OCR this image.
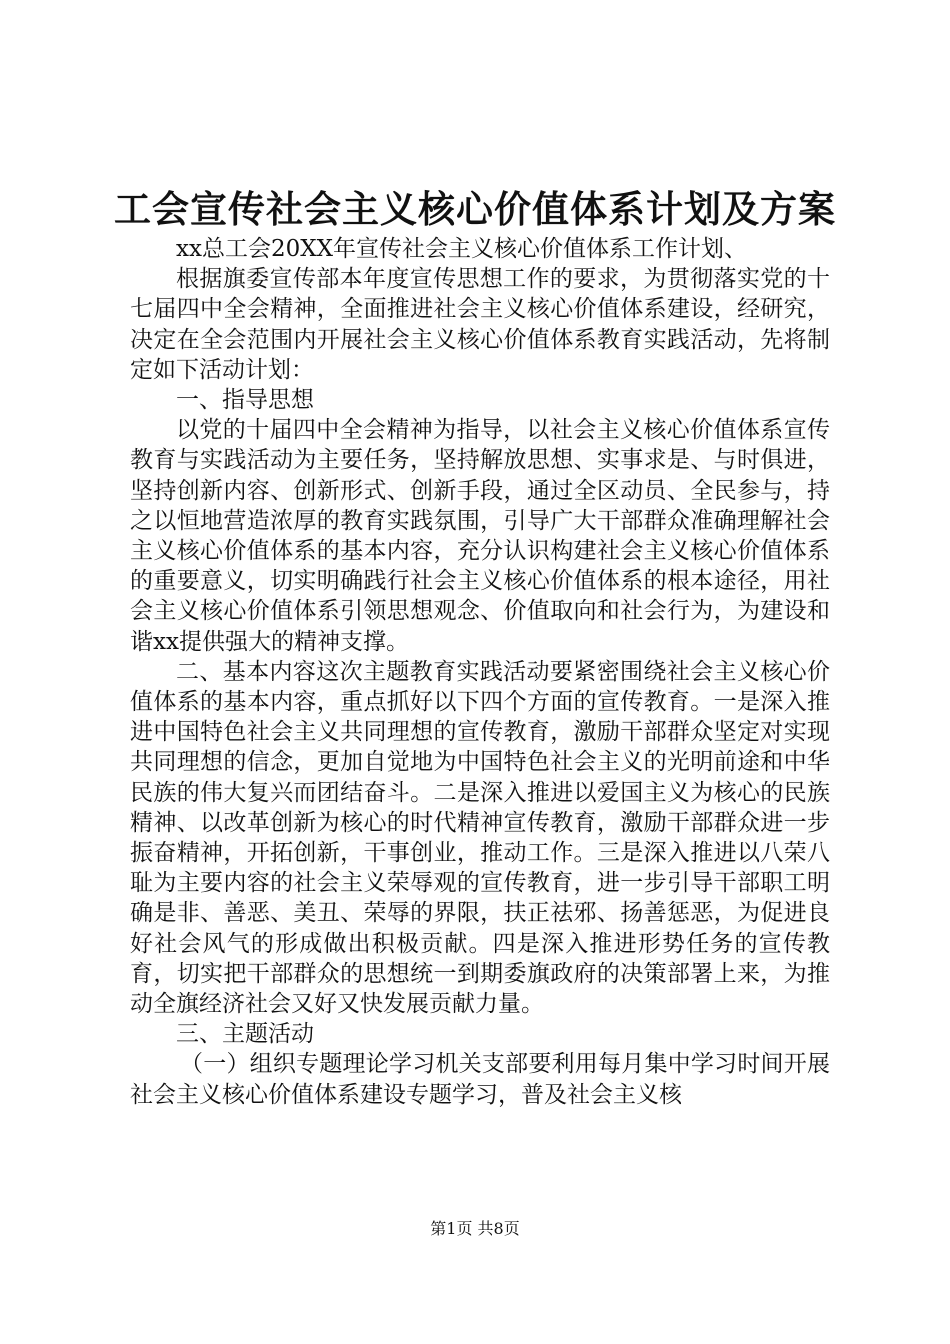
工会宣传社会主义核心价值体系计划及方案

xx总工会20XX年宣传社会主义核心价值体系工作计划、

根据旗委宣传部本年度宣传思想工作的要求，为贯彻落实党的十七届四中全会精神，全面推进社会主义核心价值体系建设，经研究，决定在全会范围内开展社会主义核心价值体系教育实践活动，先将制定如下活动计划：

一、指导思想

以党的十届四中全会精神为指导，以社会主义核心价值体系宣传教育与实践活动为主要任务，坚持解放思想、实事求是、与时俱进，坚持创新内容、创新形式、创新手段，通过全区动员、全民参与，持之以恒地营造浓厚的教育实践氛围，引导广大干部群众准确理解社会主义核心价值体系的基本内容，充分认识构建社会主义核心价值体系的重要意义，切实明确践行社会主义核心价值体系的根本途径，用社会主义核心价值体系引领思想观念、价值取向和社会行为，为建设和谐xx提供强大的精神支撑。

二、基本内容这次主题教育实践活动要紧密围绕社会主义核心价值体系的基本内容，重点抓好以下四个方面的宣传教育。一是深入推进中国特色社会主义共同理想的宣传教育，激励干部群众坚定对实现共同理想的信念，更加自觉地为中国特色社会主义的光明前途和中华民族的伟大复兴而团结奋斗。二是深入推进以爱国主义为核心的民族精神、以改革创新为核心的时代精神宣传教育，激励干部群众进一步振奋精神，开拓创新，干事创业，推动工作。三是深入推进以八荣八耻为主要内容的社会主义荣辱观的宣传教育，进一步引导干部职工明确是非、善恶、美丑、荣辱的界限，扶正祛邪、扬善惩恶，为促进良好社会风气的形成做出积极贡献。四是深入推进形势任务的宣传教育，切实把干部群众的思想统一到期委旗政府的决策部署上来，为推动全旗经济社会又好又快发展贡献力量。

三、主题活动

（一）组织专题理论学习机关支部要利用每月集中学习时间开展社会主义核心价值体系建设专题学习，普及社会主义核

第1页 共8页
